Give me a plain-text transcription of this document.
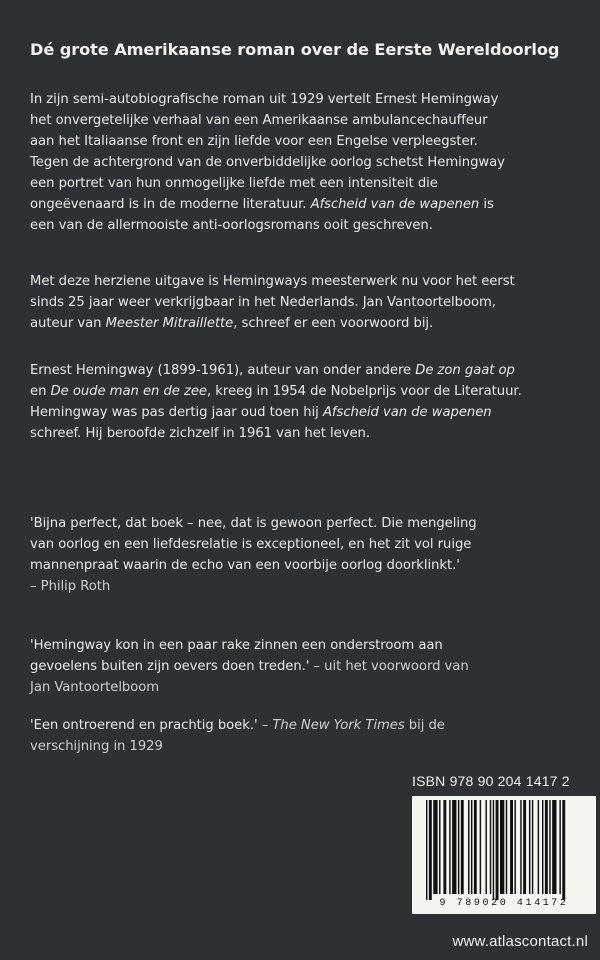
Dé grote Amerikaanse roman over de Eerste Wereldoorlog
In zijn semi-autobiografische roman uit 1929 vertelt Ernest Hemingway
het onvergetelijke verhaal van een Amerikaanse ambulancechauffeur
aan het Italiaanse front en zijn liefde voor een Engelse verpleegster.
Tegen de achtergrond van de onverbiddelijke oorlog schetst Hemingway
een portret van hun onmogelijke liefde met een intensiteit die
ongeëvenaard is in de moderne literatuur. Afscheid van de wapenen is
een van de allermooiste anti-oorlogsromans ooit geschreven.
Met deze herziene uitgave is Hemingways meesterwerk nu voor het eerst
sinds 25 jaar weer verkrijgbaar in het Nederlands. Jan Vantoortelboom,
auteur van Meester Mitraillette, schreef er een voorwoord bij.
Ernest Hemingway (1899-1961), auteur van onder andere De zon gaat op
en De oude man en de zee, kreeg in 1954 de Nobelprijs voor de Literatuur.
Hemingway was pas dertig jaar oud toen hij Afscheid van de wapenen
schreef. Hij beroofde zichzelf in 1961 van het leven.
'Bijna perfect, dat boek – nee, dat is gewoon perfect. Die mengeling
van oorlog en een liefdesrelatie is exceptioneel, en het zit vol ruige
mannenpraat waarin de echo van een voorbije oorlog doorklinkt.'
– Philip Roth
'Hemingway kon in een paar rake zinnen een onderstroom aan
gevoelens buiten zijn oevers doen treden.' – uit het voorwoord van
Jan Vantoortelboom
'Een ontroerend en prachtig boek.' – The New York Times bij de
verschijning in 1929
ISBN 978 90 204 1417 2
9 789020 414172
www.atlascontact.nl
